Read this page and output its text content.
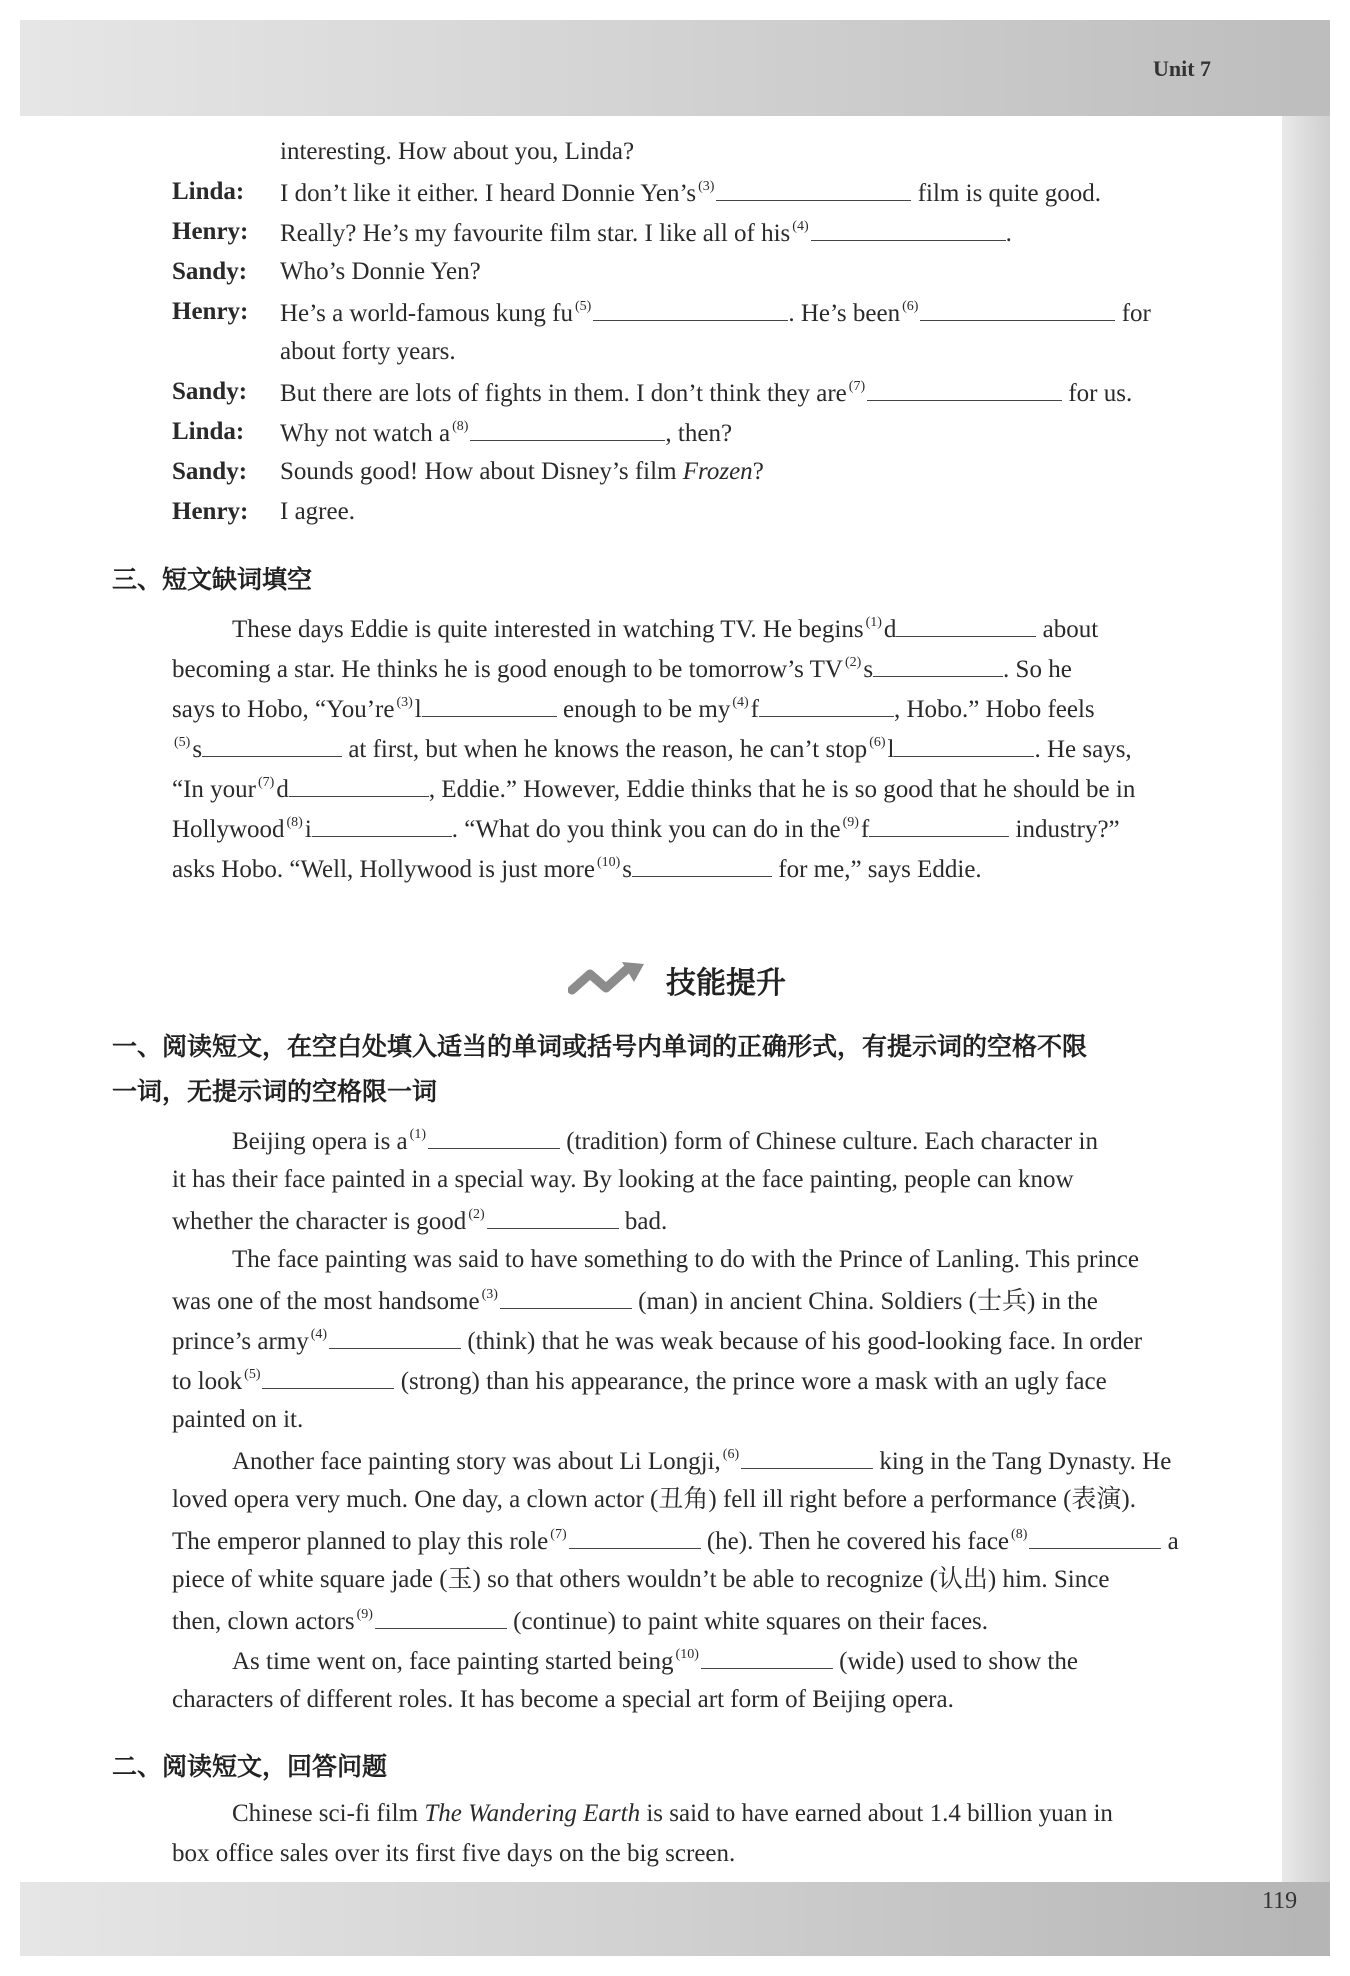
Unit 7
119
interesting. How about you, Linda?
Linda: I don’t like it either. I heard Donnie Yen’s $^{(3)}$	film is quite good.
Henry: Really? He’s my favourite film star. I like all of his $^{(4)}$	.
Sandy: Who’s Donnie Yen?
Henry: He’s a world-famous kung fu $^{(5)}$	. He’s been $^{(6)}$	for
about forty years.
Sandy: But there are lots of fights in them. I don’t think they are $^{(7)}$	for us.
Linda: Why not watch a $^{(8)}$	, then?
Sandy: Sounds good! How about Disney’s film Frozen?
Henry: I agree.
三、短文缺词填空
These days Eddie is quite interested in watching TV. He begins $^{(1)}$d	about
becoming a star. He thinks he is good enough to be tomorrow’s TV $^{(2)}$s	. So he
says to Hobo, “You’re $^{(3)}$l	enough to be my $^{(4)}$f	, Hobo.” Hobo feels
$^{(5)}$s	at first, but when he knows the reason, he can’t stop $^{(6)}$l	. He says,
“In your $^{(7)}$d	, Eddie.” However, Eddie thinks that he is so good that he should be in
Hollywood $^{(8)}$i	. “What do you think you can do in the $^{(9)}$f	industry?”
asks Hobo. “Well, Hollywood is just more $^{(10)}$s	for me,” says Eddie.
技能提升
一、阅读短文，在空白处填入适当的单词或括号内单词的正确形式，有提示词的空格不限
一词，无提示词的空格限一词
Beijing opera is a $^{(1)}$	(tradition) form of Chinese culture. Each character in
it has their face painted in a special way. By looking at the face painting, people can know
whether the character is good $^{(2)}$	bad.
The face painting was said to have something to do with the Prince of Lanling. This prince
was one of the most handsome $^{(3)}$	(man) in ancient China. Soldiers (士兵) in the
prince’s army $^{(4)}$	(think) that he was weak because of his good-looking face. In order
to look $^{(5)}$	(strong) than his appearance, the prince wore a mask with an ugly face
painted on it.
Another face painting story was about Li Longji, $^{(6)}$	king in the Tang Dynasty. He
loved opera very much. One day, a clown actor (丑角) fell ill right before a performance (表演).
The emperor planned to play this role $^{(7)}$	(he). Then he covered his face $^{(8)}$	a
piece of white square jade (玉) so that others wouldn’t be able to recognize (认出) him. Since
then, clown actors $^{(9)}$	(continue) to paint white squares on their faces.
As time went on, face painting started being $^{(10)}$	(wide) used to show the
characters of different roles. It has become a special art form of Beijing opera.
二、阅读短文，回答问题
Chinese sci-fi film The Wandering Earth is said to have earned about 1.4 billion yuan in
box office sales over its first five days on the big screen.
